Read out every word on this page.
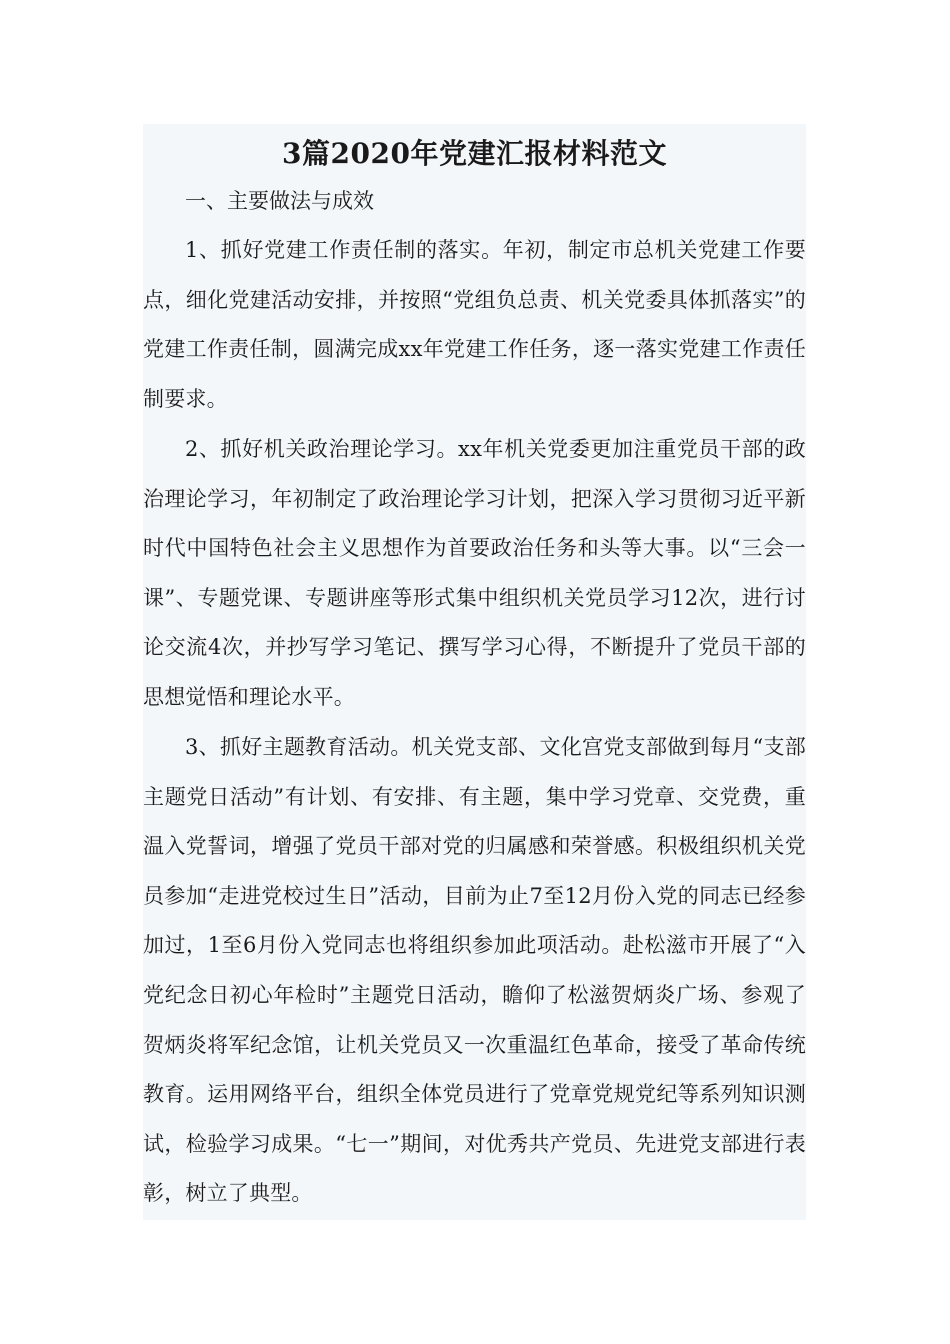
3篇2020年党建汇报材料范文
一、主要做法与成效

1、抓好党建工作责任制的落实。年初，制定市总机关党建工作要点，细化党建活动安排，并按照“党组负总责、机关党委具体抓落实”的党建工作责任制，圆满完成xx年党建工作任务，逐一落实党建工作责任制要求。

2、抓好机关政治理论学习。xx年机关党委更加注重党员干部的政治理论学习，年初制定了政治理论学习计划，把深入学习贯彻习近平新时代中国特色社会主义思想作为首要政治任务和头等大事。以“三会一课”、专题党课、专题讲座等形式集中组织机关党员学习12次，进行讨论交流4次，并抄写学习笔记、撰写学习心得，不断提升了党员干部的思想觉悟和理论水平。

3、抓好主题教育活动。机关党支部、文化宫党支部做到每月“支部主题党日活动”有计划、有安排、有主题，集中学习党章、交党费，重温入党誓词，增强了党员干部对党的归属感和荣誉感。积极组织机关党员参加“走进党校过生日”活动，目前为止7至12月份入党的同志已经参加过，1至6月份入党同志也将组织参加此项活动。赴松滋市开展了“入党纪念日初心年检时”主题党日活动，瞻仰了松滋贺炳炎广场、参观了贺炳炎将军纪念馆，让机关党员又一次重温红色革命，接受了革命传统教育。运用网络平台，组织全体党员进行了党章党规党纪等系列知识测试，检验学习成果。“七一”期间，对优秀共产党员、先进党支部进行表彰，树立了典型。
